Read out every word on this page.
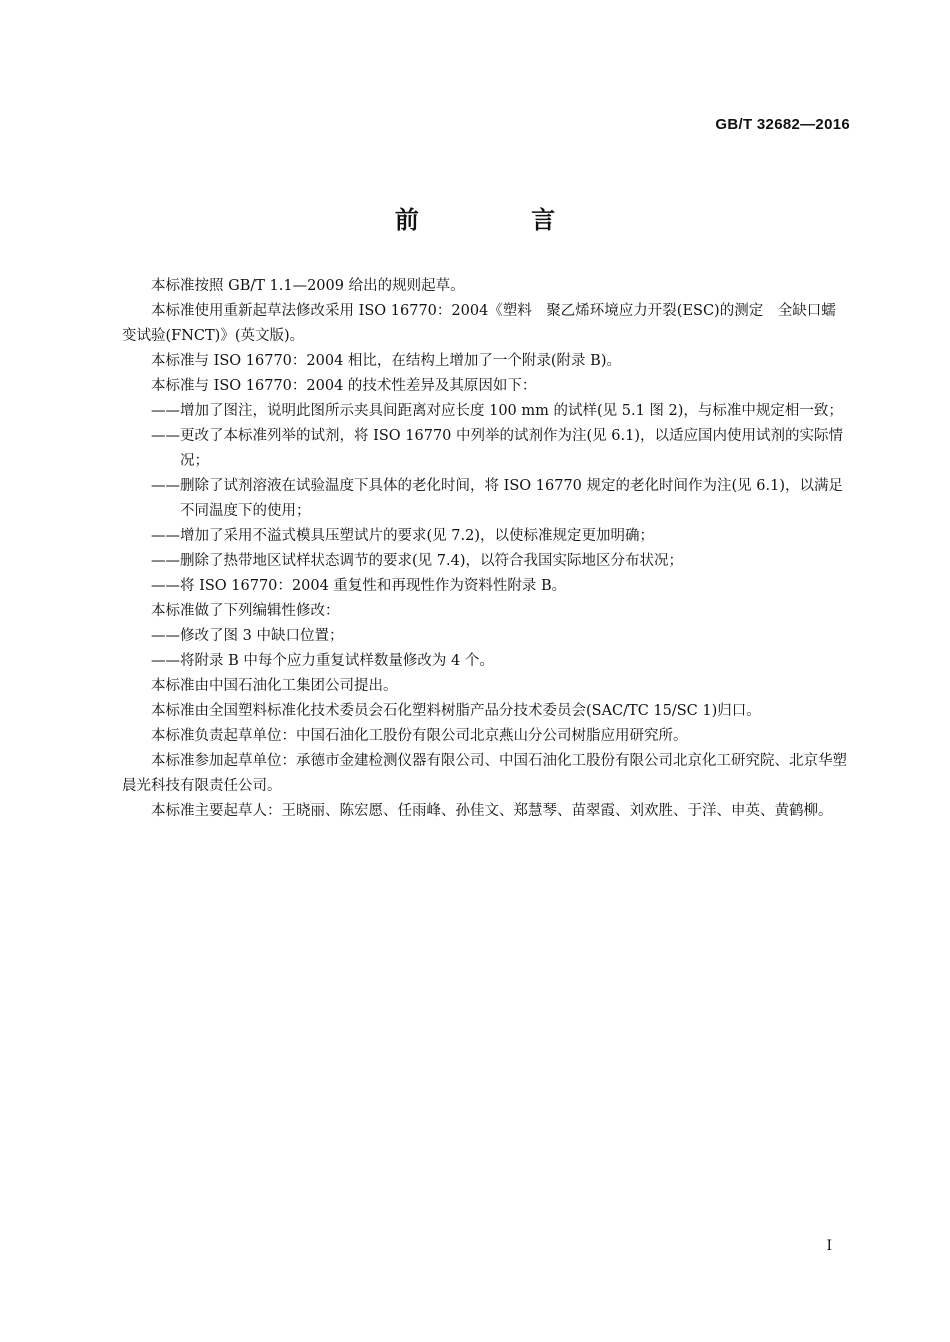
GB/T 32682—2016
前 言

本标准按照 GB/T 1.1—2009 给出的规则起草。

本标准使用重新起草法修改采用 ISO 16770：2004《塑料　聚乙烯环境应力开裂(ESC)的测定　全缺口蠕变试验(FNCT)》(英文版)。

本标准与 ISO 16770：2004 相比，在结构上增加了一个附录(附录 B)。

本标准与 ISO 16770：2004 的技术性差异及其原因如下：

——增加了图注，说明此图所示夹具间距离对应长度 100 mm 的试样(见 5.1 图 2)，与标准中规定相一致；

——更改了本标准列举的试剂，将 ISO 16770 中列举的试剂作为注(见 6.1)，以适应国内使用试剂的实际情况；

——删除了试剂溶液在试验温度下具体的老化时间，将 ISO 16770 规定的老化时间作为注(见 6.1)，以满足不同温度下的使用；

——增加了采用不溢式模具压塑试片的要求(见 7.2)，以使标准规定更加明确；

——删除了热带地区试样状态调节的要求(见 7.4)，以符合我国实际地区分布状况；

——将 ISO 16770：2004 重复性和再现性作为资料性附录 B。

本标准做了下列编辑性修改：

——修改了图 3 中缺口位置；

——将附录 B 中每个应力重复试样数量修改为 4 个。

本标准由中国石油化工集团公司提出。

本标准由全国塑料标准化技术委员会石化塑料树脂产品分技术委员会(SAC/TC 15/SC 1)归口。

本标准负责起草单位：中国石油化工股份有限公司北京燕山分公司树脂应用研究所。

本标准参加起草单位：承德市金建检测仪器有限公司、中国石油化工股份有限公司北京化工研究院、北京华塑晨光科技有限责任公司。

本标准主要起草人：王晓丽、陈宏愿、任雨峰、孙佳文、郑慧琴、苗翠霞、刘欢胜、于洋、申英、黄鹤柳。

I
